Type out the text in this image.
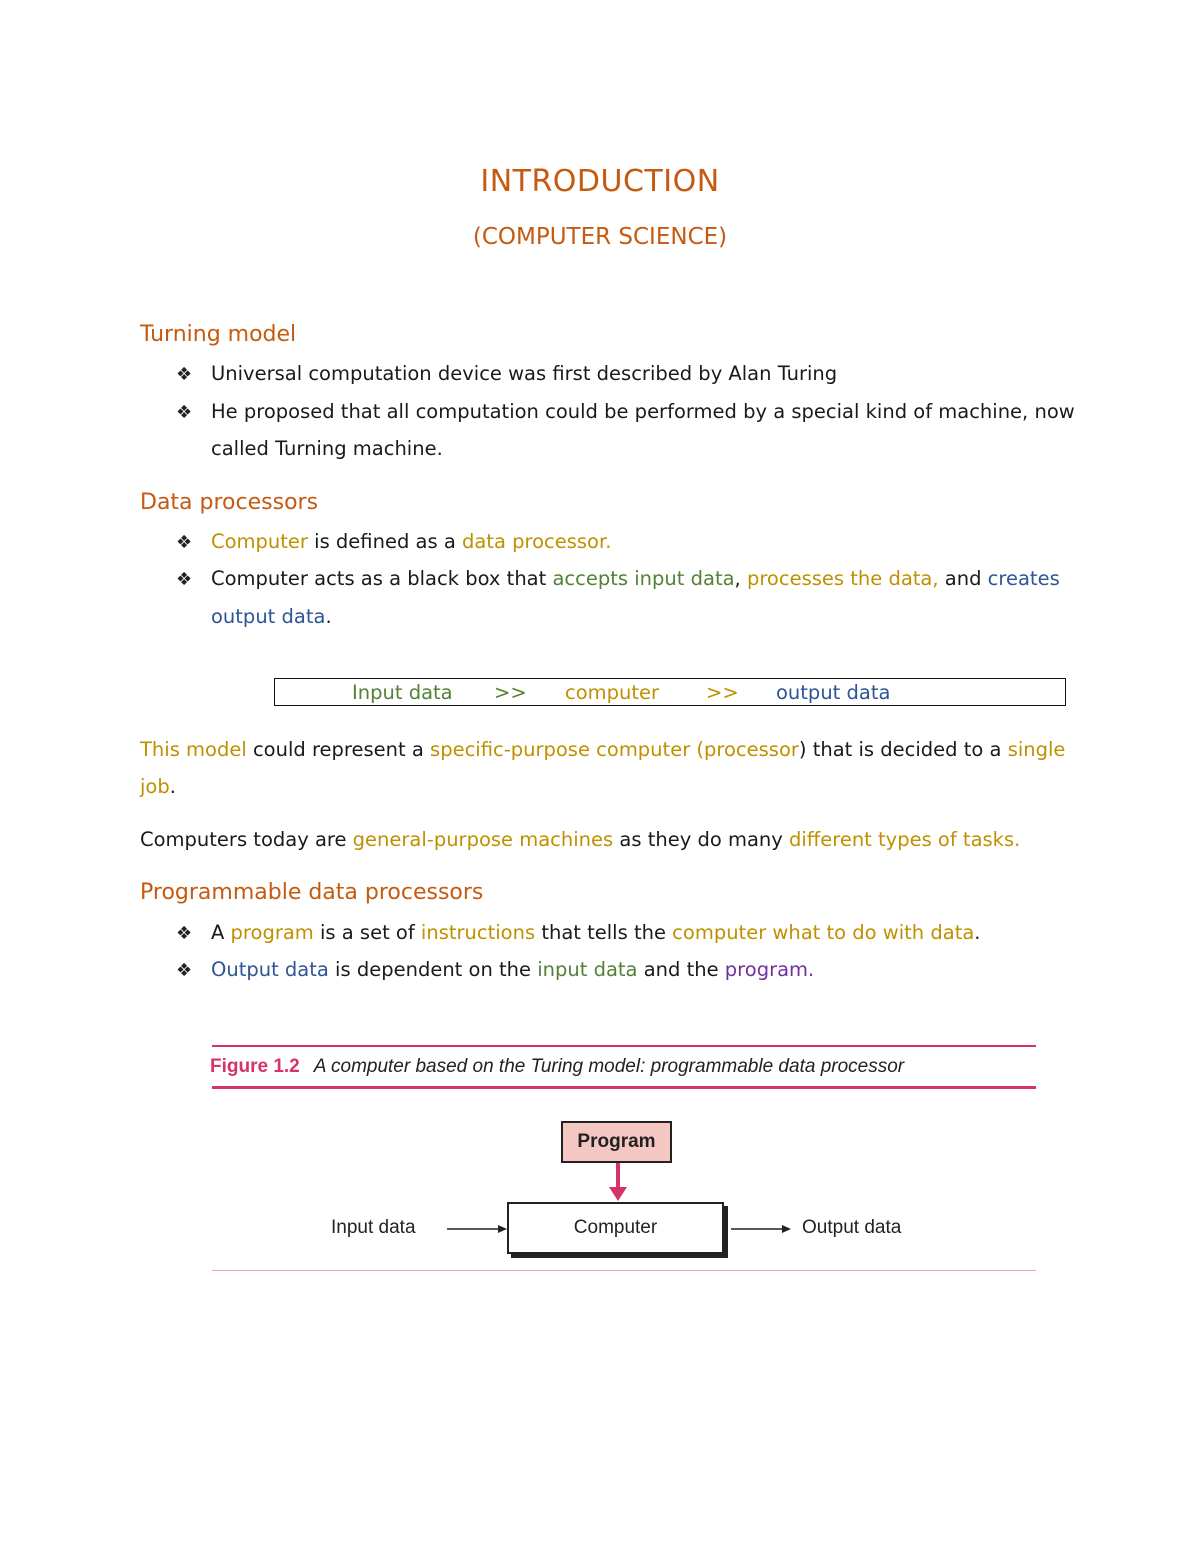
INTRODUCTION
(COMPUTER SCIENCE)
Turning model
❖ Universal computation device was first described by Alan Turing
❖ He proposed that all computation could be performed by a special kind of machine, now
called Turning machine.
Data processors
❖ Computer is defined as a data processor.
❖ Computer acts as a black box that accepts input data, processes the data, and creates
output data.
Input data >> computer >> output data
This model could represent a specific-purpose computer (processor) that is decided to a single
job.
Computers today are general-purpose machines as they do many different types of tasks.
Programmable data processors
❖ A program is a set of instructions that tells the computer what to do with data.
❖ Output data is dependent on the input data and the program.
Figure 1.2 A computer based on the Turing model: programmable data processor
Program
Computer
Input data	Output data
